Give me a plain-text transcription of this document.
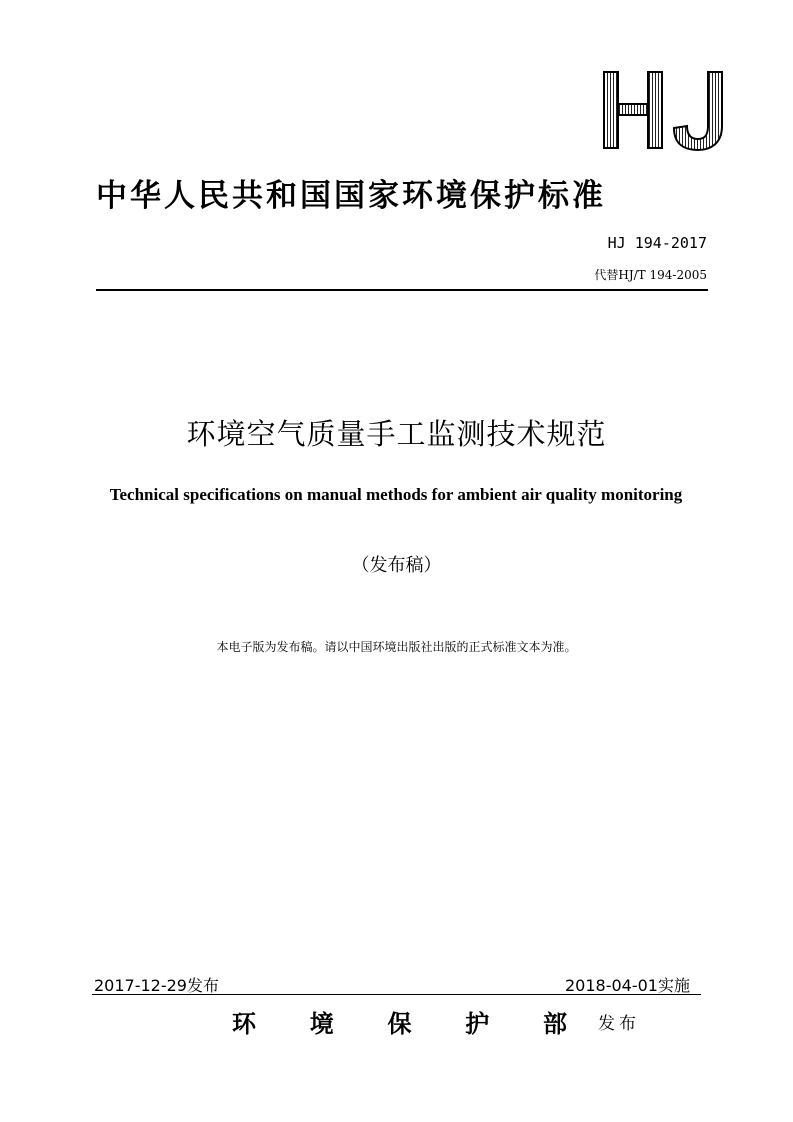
中华人民共和国国家环境保护标准
HJ 194-2017
代替HJ/T 194-2005
环境空气质量手工监测技术规范
Technical specifications on manual methods for ambient air quality monitoring
（发布稿）
本电子版为发布稿。请以中国环境出版社出版的正式标准文本为准。
2017-12-29发布	2018-04-01实施
环 境 保 护 部 发布
